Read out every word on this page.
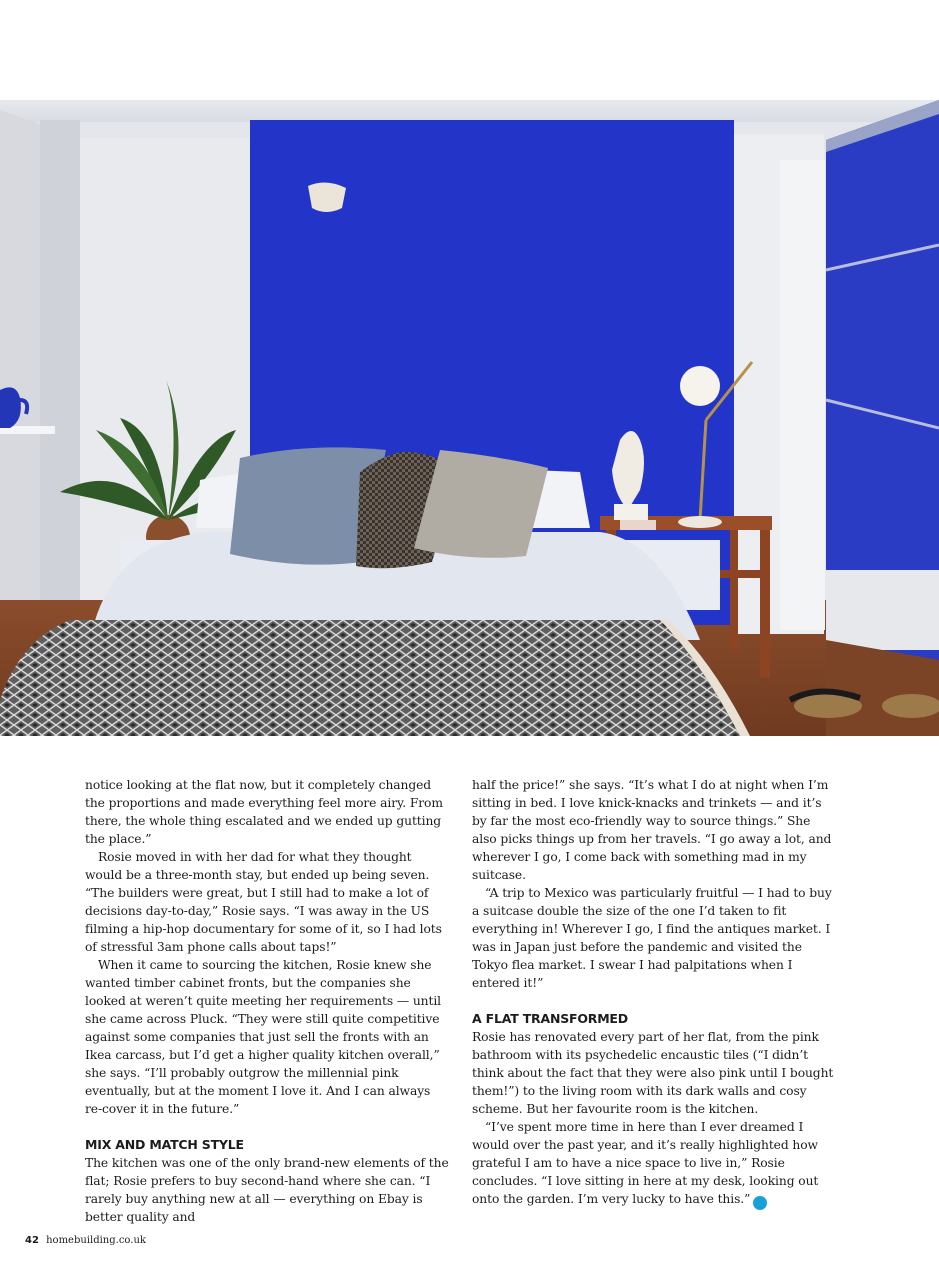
notice looking at the flat now, but it completely changed the proportions and made everything feel more airy. From there, the whole thing escalated and we ended up gutting the place.”

Rosie moved in with her dad for what they thought would be a three-month stay, but ended up being seven. “The builders were great, but I still had to make a lot of decisions day-to-day,” Rosie says. “I was away in the US filming a hip-hop documentary for some of it, so I had lots of stressful 3am phone calls about taps!”

When it came to sourcing the kitchen, Rosie knew she wanted timber cabinet fronts, but the companies she looked at weren’t quite meeting her requirements — until she came across Pluck. “They were still quite competitive against some companies that just sell the fronts with an Ikea carcass, but I’d get a higher quality kitchen overall,” she says. “I’ll probably outgrow the millennial pink eventually, but at the moment I love it. And I can always re-cover it in the future.”

MIX AND MATCH STYLE

The kitchen was one of the only brand-new elements of the flat; Rosie prefers to buy second-hand where she can. “I rarely buy anything new at all — everything on Ebay is better quality and

half the price!” she says. “It’s what I do at night when I’m sitting in bed. I love knick-knacks and trinkets — and it’s by far the most eco-friendly way to source things.” She also picks things up from her travels. “I go away a lot, and wherever I go, I come back with something mad in my suitcase.

“A trip to Mexico was particularly fruitful — I had to buy a suitcase double the size of the one I’d taken to fit everything in! Wherever I go, I find the antiques market. I was in Japan just before the pandemic and visited the Tokyo flea market. I swear I had palpitations when I entered it!”

A FLAT TRANSFORMED

Rosie has renovated every part of her flat, from the pink bathroom with its psychedelic encaustic tiles (“I didn’t think about the fact that they were also pink until I bought them!”) to the living room with its dark walls and cosy scheme. But her favourite room is the kitchen.

“I’ve spent more time in here than I ever dreamed I would over the past year, and it’s really highlighted how grateful I am to have a nice space to live in,” Rosie concludes. “I love sitting in here at my desk, looking out onto the garden. I’m very lucky to have this.” H

42 homebuilding.co.uk
